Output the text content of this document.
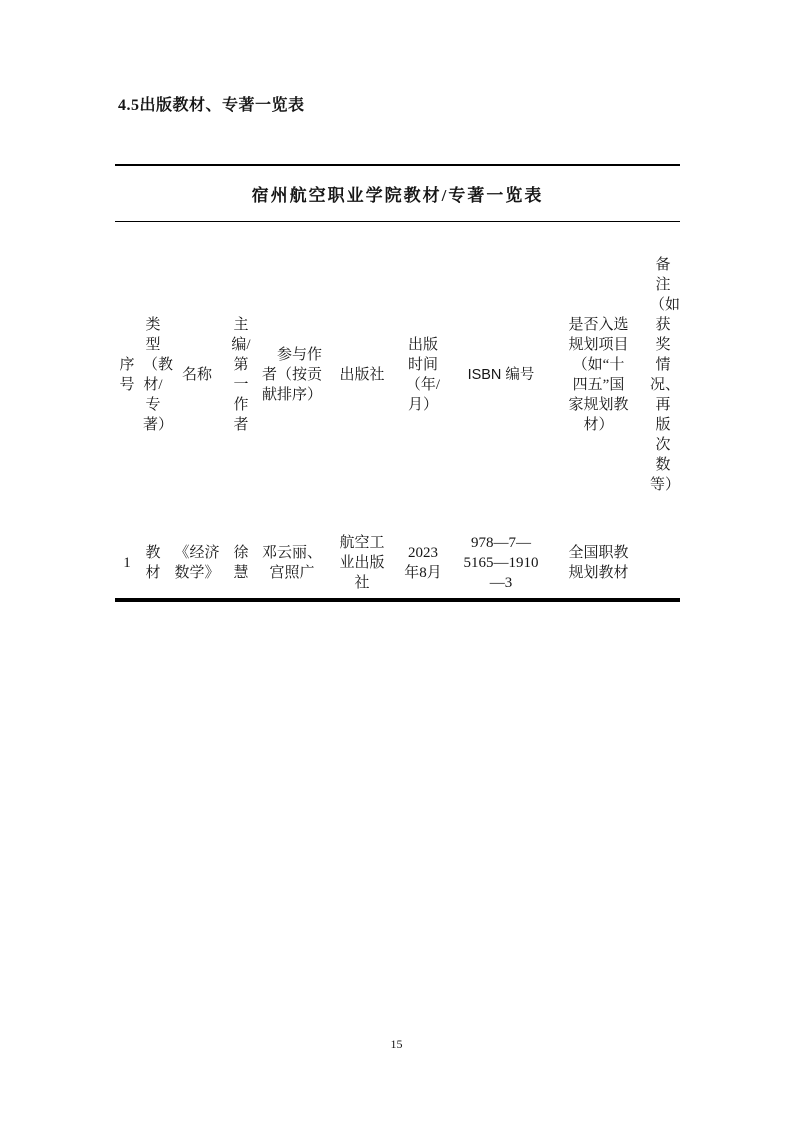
4.5出版教材、专著一览表
宿州航空职业学院教材/专著一览表									
序号	类型（教材/专著）	名称	主编/第一作者	参与作者（按贡献排序）	出版社	出版时间（年/月）	ISBN 编号	是否入选规划项目（如“十四五”国家规划教材）	备注（如获奖情况、再版次数等）
1	教材	《经济数学》	徐慧	邓云丽、宫照广	航空工业出版社	2023年8月	978—7—5165—1910—3	全国职教规划教材	
15
